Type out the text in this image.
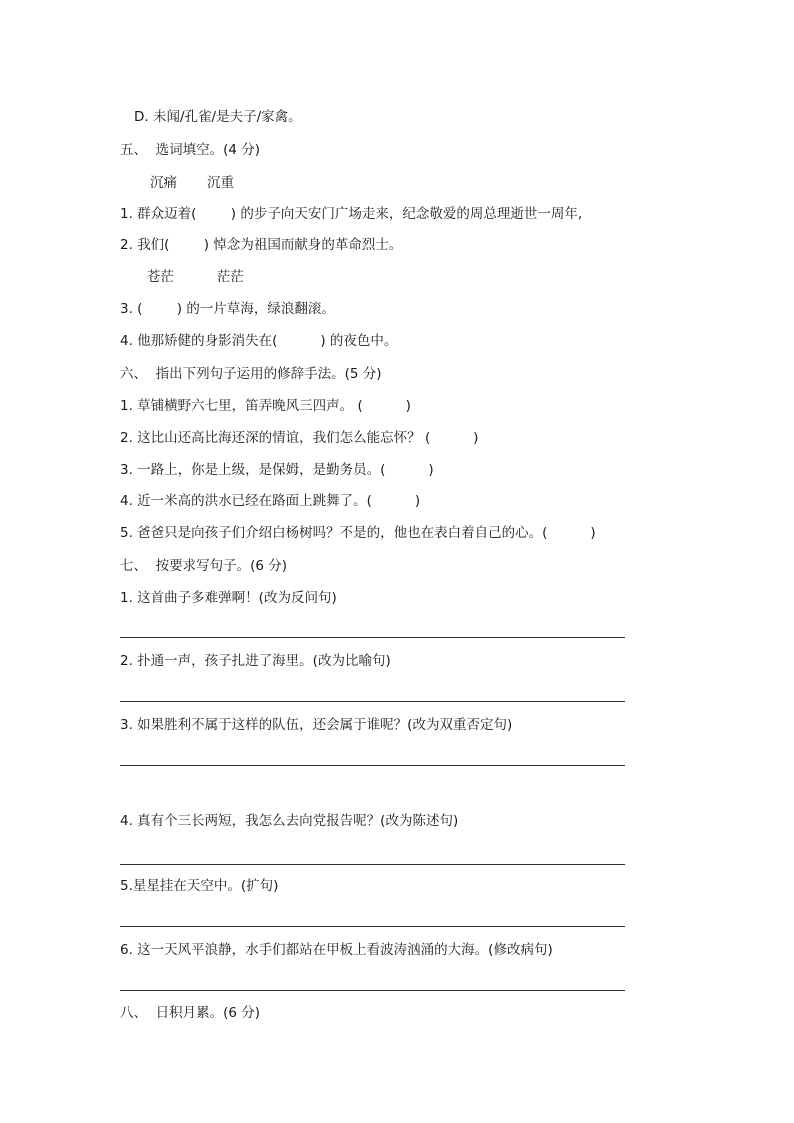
D. 未闻/孔雀/是夫子/家禽。
五、  选词填空。(4 分)
沉痛       沉重
1. 群众迈着(        ) 的步子向天安门广场走来，纪念敬爱的周总理逝世一周年,
2. 我们(        ) 悼念为祖国而献身的革命烈士。
苍茫          茫茫
3. (        ) 的一片草海，绿浪翻滚。
4. 他那矫健的身影消失在(          ) 的夜色中。
六、  指出下列句子运用的修辞手法。(5 分)
1. 草铺横野六七里，笛弄晚风三四声。 (          )
2. 这比山还高比海还深的情谊，我们怎么能忘怀？ (          )
3. 一路上，你是上级，是保姆，是勤务员。(          )
4. 近一米高的洪水已经在路面上跳舞了。(          )
5. 爸爸只是向孩子们介绍白杨树吗？不是的，他也在表白着自己的心。(          )
七、  按要求写句子。(6 分)
1. 这首曲子多难弹啊！(改为反问句)
2. 扑通一声，孩子扎进了海里。(改为比喻句)
3. 如果胜利不属于这样的队伍，还会属于谁呢？(改为双重否定句)
4. 真有个三长两短，我怎么去向党报告呢？(改为陈述句)
5.星星挂在天空中。(扩句)
6. 这一天风平浪静，水手们都站在甲板上看波涛汹涌的大海。(修改病句)
八、  日积月累。(6 分)
